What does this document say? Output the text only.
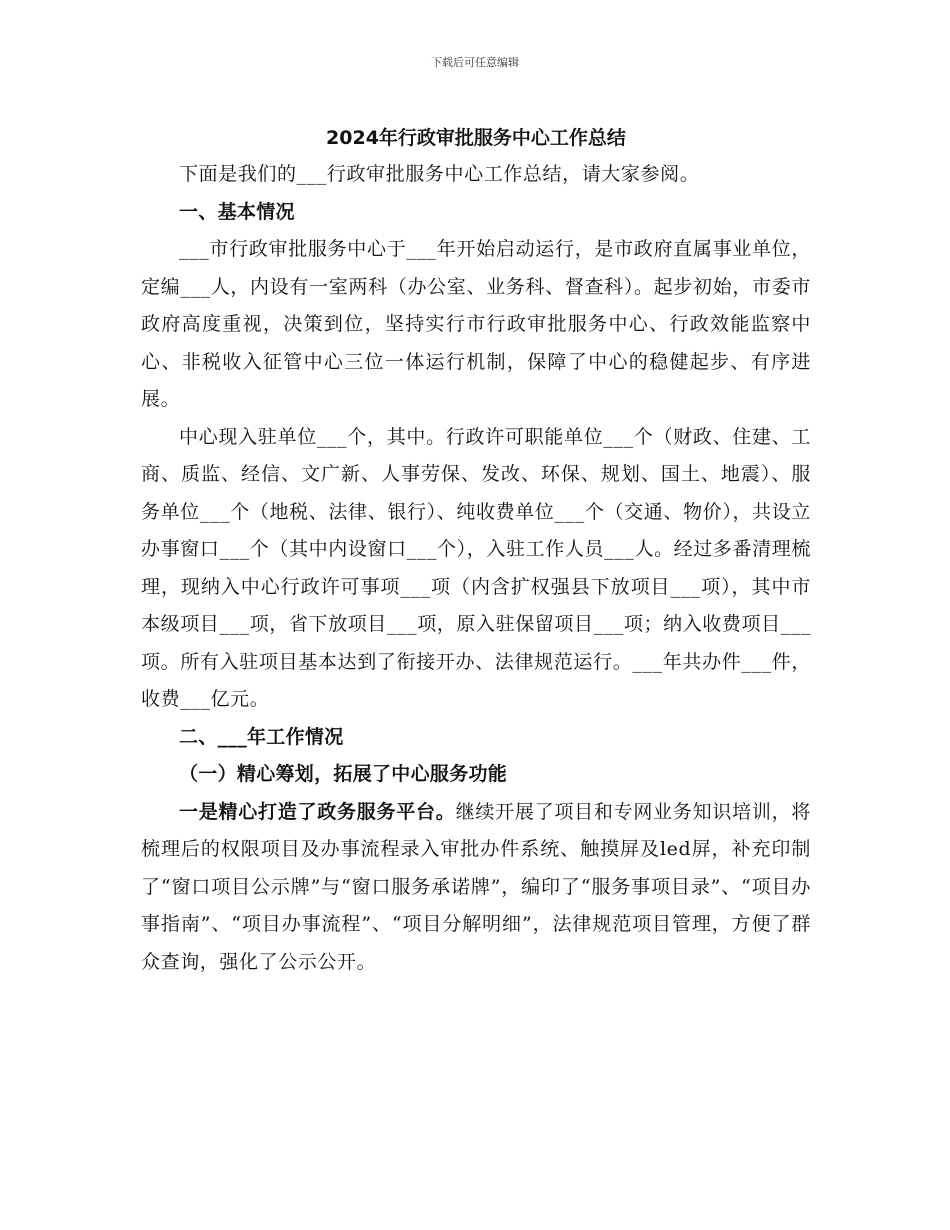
下载后可任意编辑
2024年行政审批服务中心工作总结

下面是我们的___行政审批服务中心工作总结，请大家参阅。

一、基本情况

___市行政审批服务中心于___年开始启动运行，是市政府直属事业单位，定编___人，内设有一室两科（办公室、业务科、督查科）。起步初始，市委市政府高度重视，决策到位，坚持实行市行政审批服务中心、行政效能监察中心、非税收入征管中心三位一体运行机制，保障了中心的稳健起步、有序进展。

中心现入驻单位___个，其中。行政许可职能单位___个（财政、住建、工商、质监、经信、文广新、人事劳保、发改、环保、规划、国土、地震）、服务单位___个（地税、法律、银行）、纯收费单位___个（交通、物价），共设立办事窗口___个（其中内设窗口___个），入驻工作人员___人。经过多番清理梳理，现纳入中心行政许可事项___项（内含扩权强县下放项目___项），其中市本级项目___项，省下放项目___项，原入驻保留项目___项；纳入收费项目___项。所有入驻项目基本达到了衔接开办、法律规范运行。___年共办件___件，收费___亿元。

二、___年工作情况

（一）精心筹划，拓展了中心服务功能

一是精心打造了政务服务平台。继续开展了项目和专网业务知识培训，将梳理后的权限项目及办事流程录入审批办件系统、触摸屏及led屏，补充印制了“窗口项目公示牌”与“窗口服务承诺牌”，编印了“服务事项目录”、“项目办事指南”、“项目办事流程”、“项目分解明细”，法律规范项目管理，方便了群众查询，强化了公示公开。
